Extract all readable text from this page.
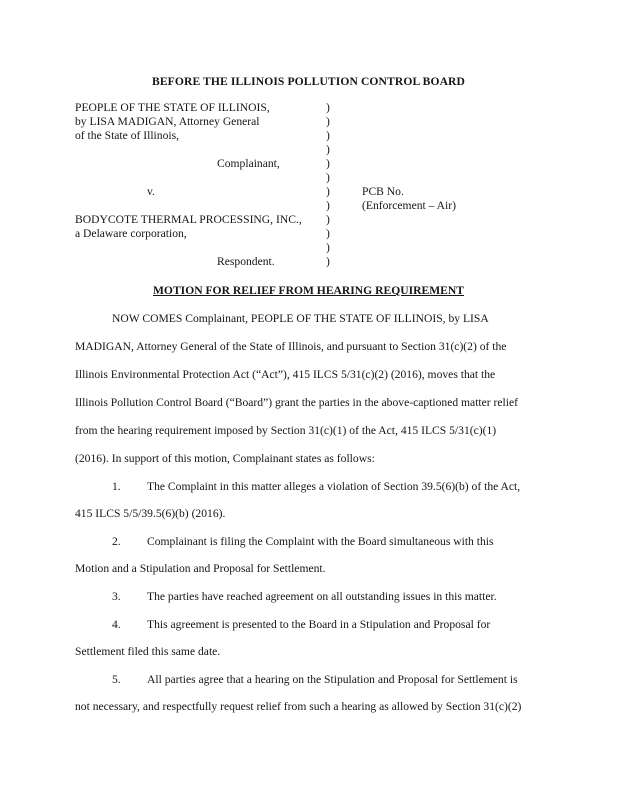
BEFORE THE ILLINOIS POLLUTION CONTROL BOARD
PEOPLE OF THE STATE OF ILLINOIS,
by LISA MADIGAN, Attorney General
of the State of Illinois,
Complainant,
v.
BODYCOTE THERMAL PROCESSING, INC.,
a Delaware corporation,
Respondent.
)
)
)
)
)
)
)
)
)
)
)
)
PCB No.
(Enforcement – Air)
MOTION FOR RELIEF FROM HEARING REQUIREMENT
NOW COMES Complainant, PEOPLE OF THE STATE OF ILLINOIS, by LISA
MADIGAN, Attorney General of the State of Illinois, and pursuant to Section 31(c)(2) of the
Illinois Environmental Protection Act (“Act”), 415 ILCS 5/31(c)(2) (2016), moves that the
Illinois Pollution Control Board (“Board”) grant the parties in the above-captioned matter relief
from the hearing requirement imposed by Section 31(c)(1) of the Act, 415 ILCS 5/31(c)(1)
(2016). In support of this motion, Complainant states as follows:
1. The Complaint in this matter alleges a violation of Section 39.5(6)(b) of the Act,
415 ILCS 5/5/39.5(6)(b) (2016).
2. Complainant is filing the Complaint with the Board simultaneous with this
Motion and a Stipulation and Proposal for Settlement.
3. The parties have reached agreement on all outstanding issues in this matter.
4. This agreement is presented to the Board in a Stipulation and Proposal for
Settlement filed this same date.
5. All parties agree that a hearing on the Stipulation and Proposal for Settlement is
not necessary, and respectfully request relief from such a hearing as allowed by Section 31(c)(2)
